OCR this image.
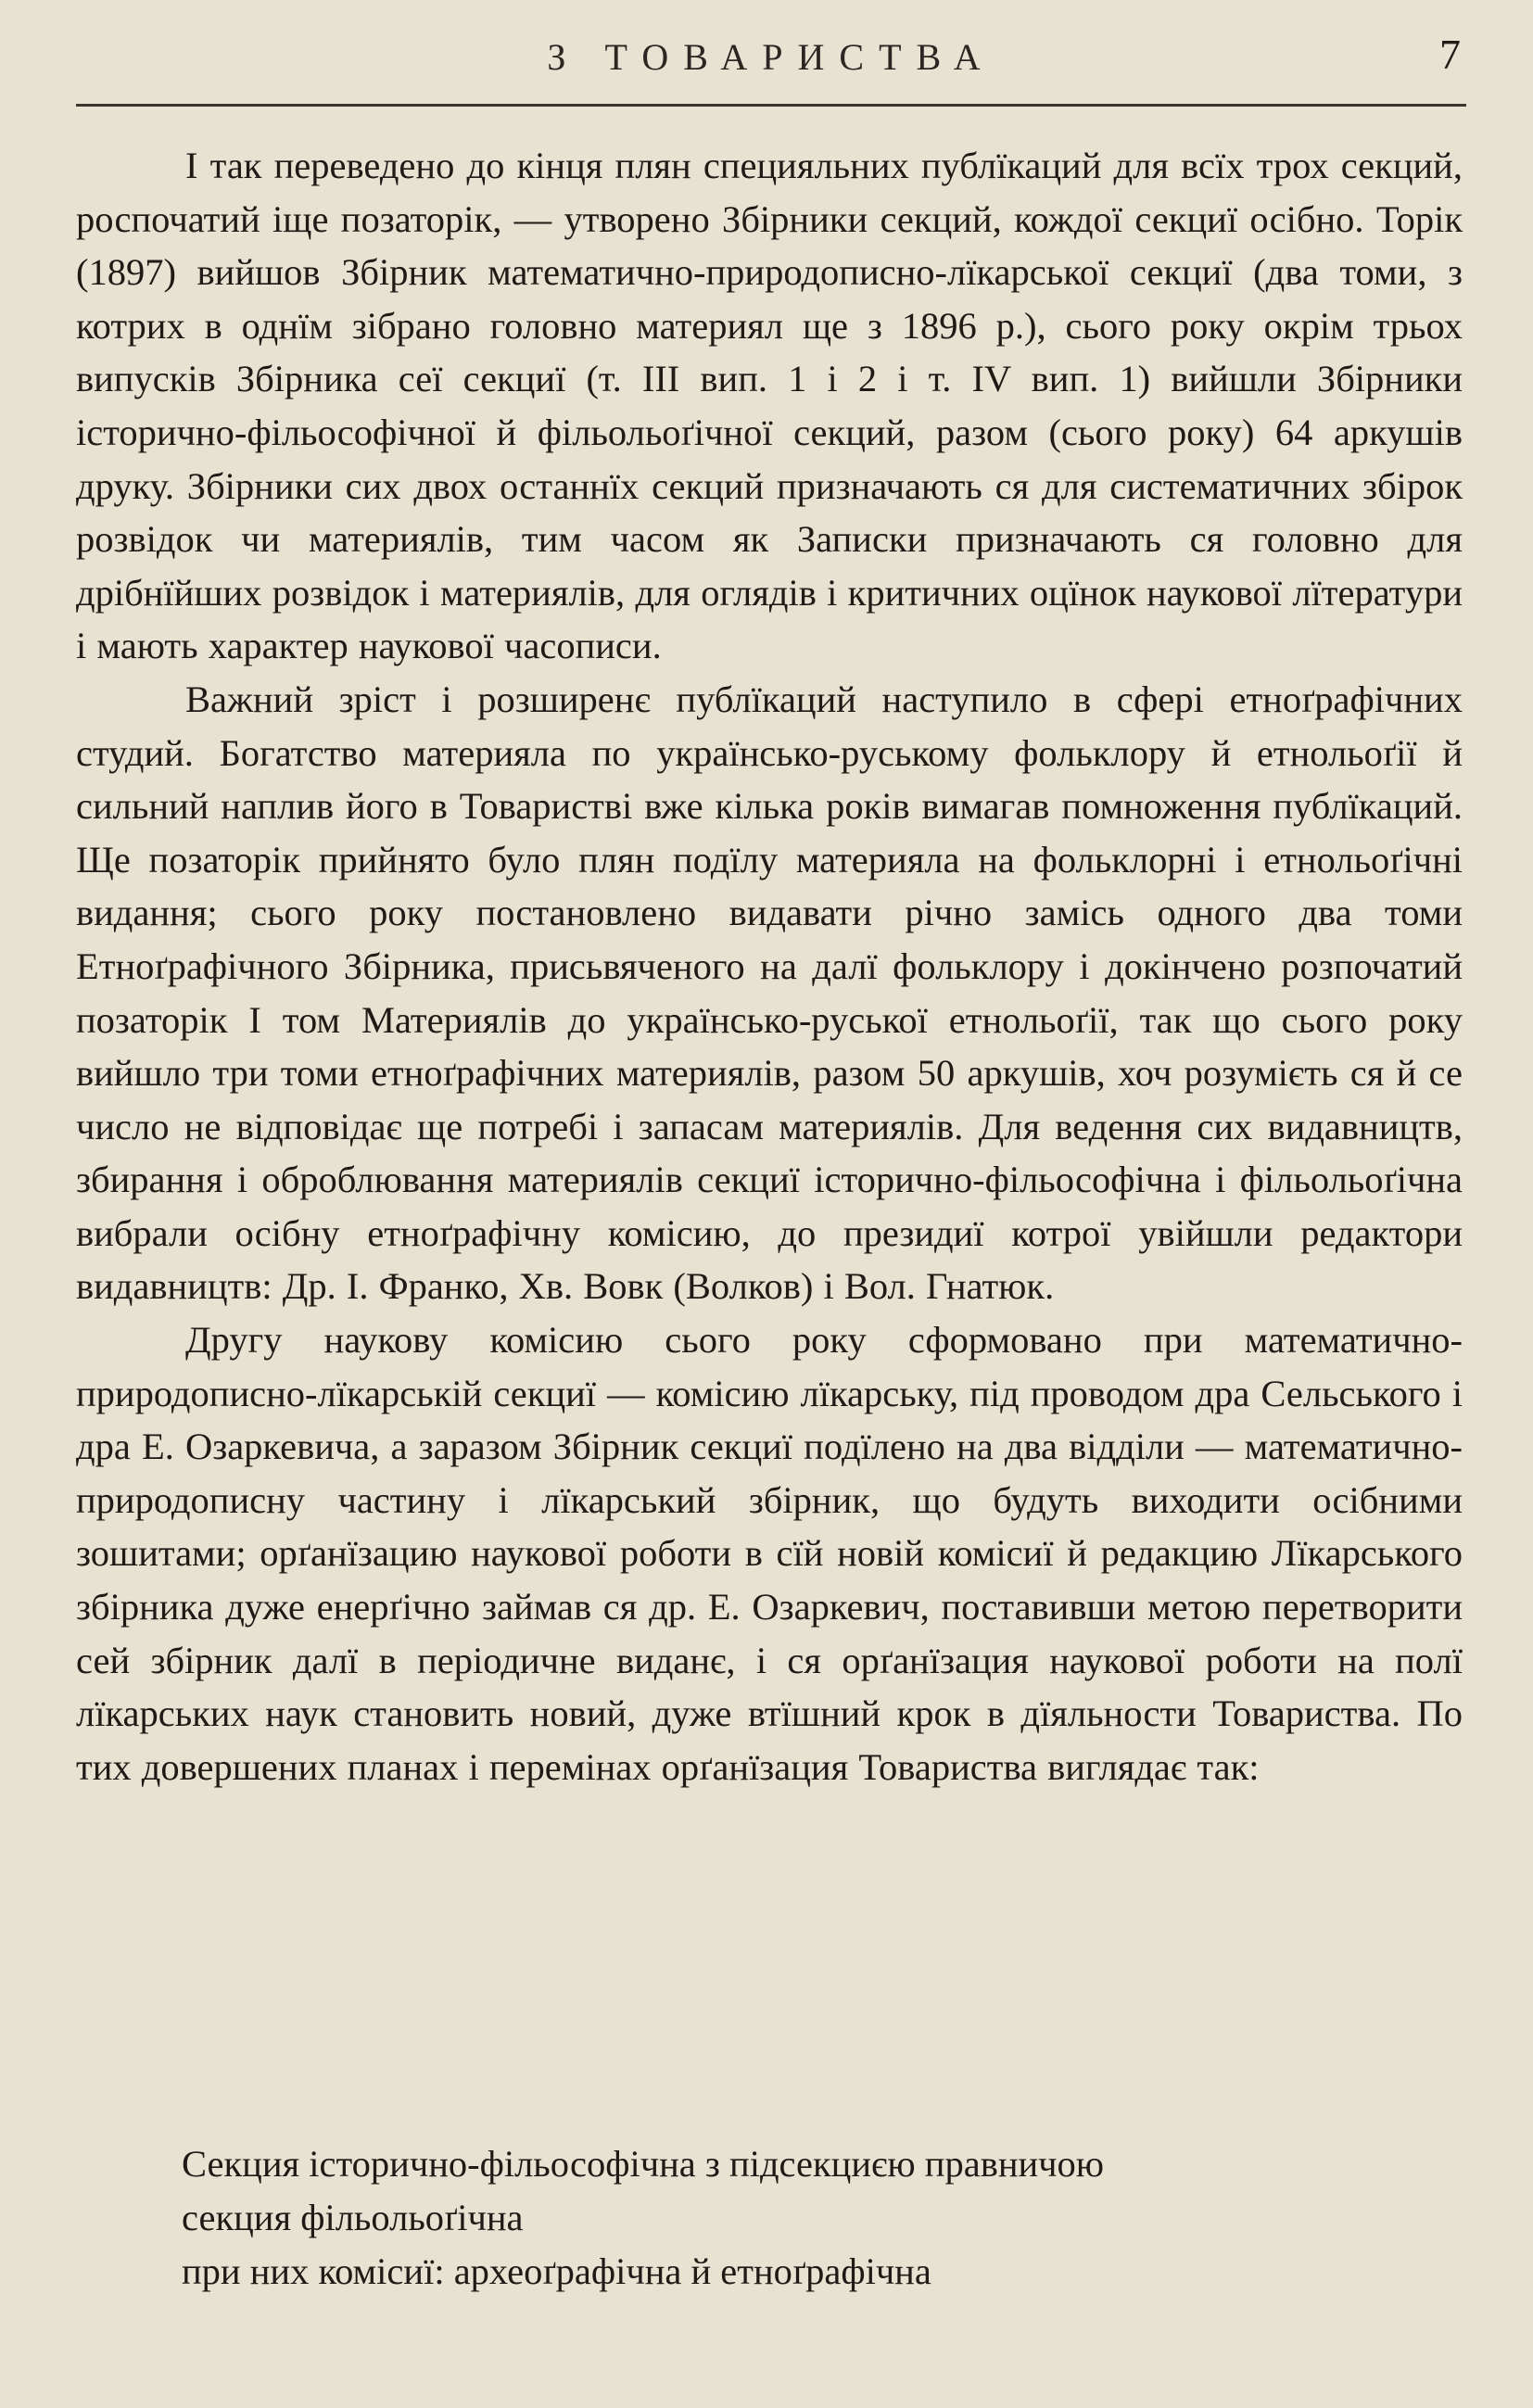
З ТОВАРИСТВА	7

І так переведено до кінця плян специяльних публїкаций для всїх трох секций, роспочатий іще позаторік, — утворено Збірники секций, кождої секциї осібно. Торік (1897) вийшов Збірник математично-природописно-лїкарської секциї (два томи, з котрих в однїм зібрано головно материял ще з 1896 р.), сього року окрім трьох випусків Збірника сеї секциї (т. III вип. 1 і 2 і т. IV вип. 1) вийшли Збірники історично-фільософічної й фільольоґічної секций, разом (сього року) 64 аркушів друку. Збірники сих двох останнїх секций призначають ся для систематичних збірок розвідок чи материялів, тим часом як Записки призначають ся головно для дрібнїйших розвідок і материялів, для оглядів і критичних оцїнок наукової лїтератури і мають характер наукової часописи.

Важний зріст і розширенє публїкаций наступило в сфері етноґрафічних студий. Богатство материяла по українсько-руському фольклору й етнольоґії й сильний наплив його в Товаристві вже кілька років вимагав помноження публїкаций. Ще позаторік прийнято було плян подїлу материяла на фольклорні і етнольоґічні видання; сього року постановлено видавати річно замісь одного два томи Етноґрафічного Збірника, присьвяченого на далї фольклору і докінчено розпочатий позаторік І том Материялів до українсько-руської етнольоґії, так що сього року вийшло три томи етноґрафічних материялів, разом 50 аркушів, хоч розумієть ся й се число не відповідає ще потребі і запасам материялів. Для ведення сих видавництв, збирання і оброблювання материялів секциї історично-фільософічна і фільольоґічна вибрали осібну етноґрафічну комісию, до президиї котрої увійшли редактори видавництв: Др. І. Франко, Хв. Вовк (Волков) і Вол. Гнатюк.

Другу наукову комісию сього року сформовано при математично-природописно-лїкарській секциї — комісию лїкарську, під проводом дра Сельського і дра Е. Озаркевича, а заразом Збірник секциї подїлено на два відділи — математично-природописну частину і лїкарський збірник, що будуть виходити осібними зошитами; орґанїзацию наукової роботи в сїй новій комісиї й редакцию Лїкарського збірника дуже енерґічно займав ся др. Е. Озаркевич, поставивши метою перетворити сей збірник далї в періодичне виданє, і ся орґанїзация наукової роботи на полї лїкарських наук становить новий, дуже втїшний крок в дїяльности Товариства. По тих довершених планах і перемінах орґанїзация Товариства виглядає так:

Секция історично-фільософічна з підсекциєю правничою
секция фільольоґічна
при них комісиї: археоґрафічна й етноґрафічна
